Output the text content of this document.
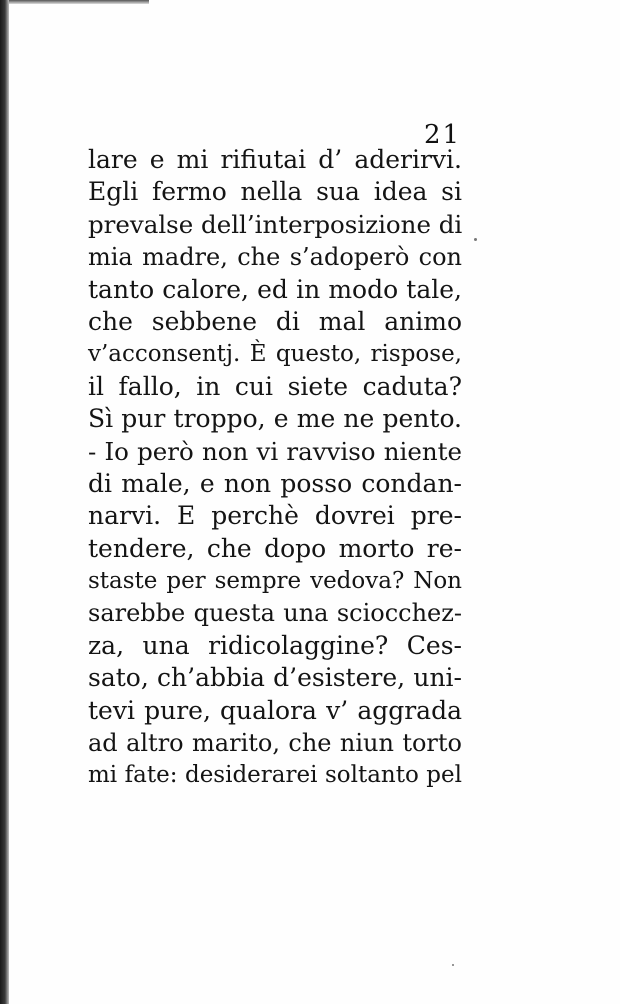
21
lare e mi rifiutai d’ aderirvi.
Egli fermo nella sua idea si
prevalse dell’interposizione di
mia madre, che s’adoperò con
tanto calore, ed in modo tale,
che sebbene di mal animo
v’acconsentj. È questo, rispose,
il fallo, in cui siete caduta?
Sì pur troppo, e me ne pento.
- Io però non vi ravviso niente
di male, e non posso condan-
narvi. E perchè dovrei pre-
tendere, che dopo morto re-
staste per sempre vedova? Non
sarebbe questa una sciocchez-
za, una ridicolaggine? Ces-
sato, ch’abbia d’esistere, uni-
tevi pure, qualora v’ aggrada
ad altro marito, che niun torto
mi fate: desiderarei soltanto pel
